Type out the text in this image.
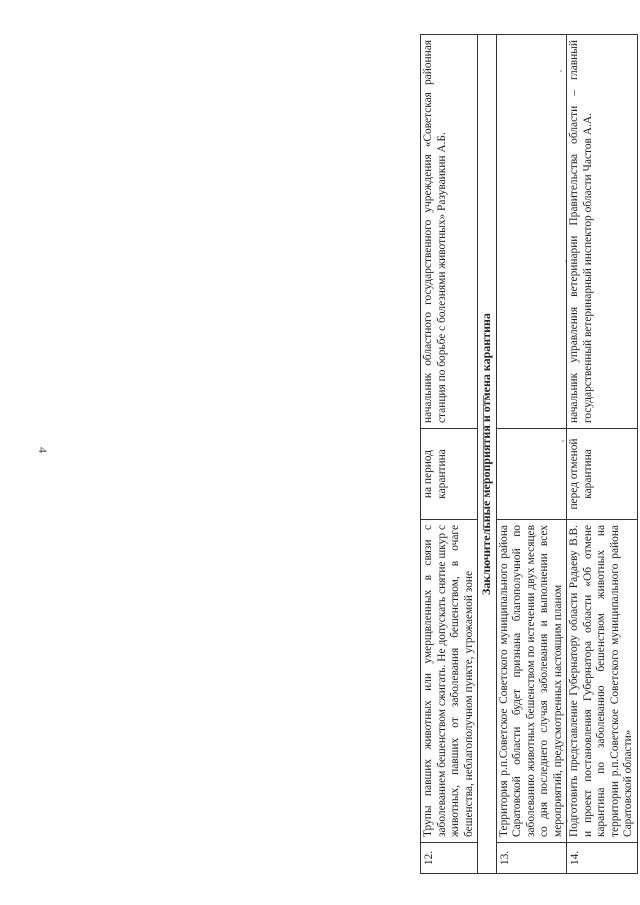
4
12.	Трупы павших животных или умерщвленных в связи с заболеванием бешенством сжигать. Не допускать снятие шкур с животных, павших от заболевания бешенством, в очаге бешенства, неблагополучном пункте, угрожаемой зоне	на период карантина	начальник областного государственного учреждения «Советская районная станция по борьбе с болезнями животных» Разуваикин А.Б.
Заключительные мероприятия и отмена карантина			
13.	Территория р.п.Советское Советского муниципального района Саратовской области будет признана благополучной по заболеванию животных бешенством по истечении двух месяцев со дня последнего случая заболевания и выполнении всех мероприятий, предусмотренных настоящим планом		
14.	Подготовить представление Губернатору области Радаеву В.В. и проект постановления Губернатора области «Об отмене карантина по заболеванию бешенством животных на территории р.п.Советское Советского муниципального района Саратовской области»	перед отменой карантина	начальник управления ветеринарии Правительства области – главный государственный ветеринарный инспектор области Частов А.А.
